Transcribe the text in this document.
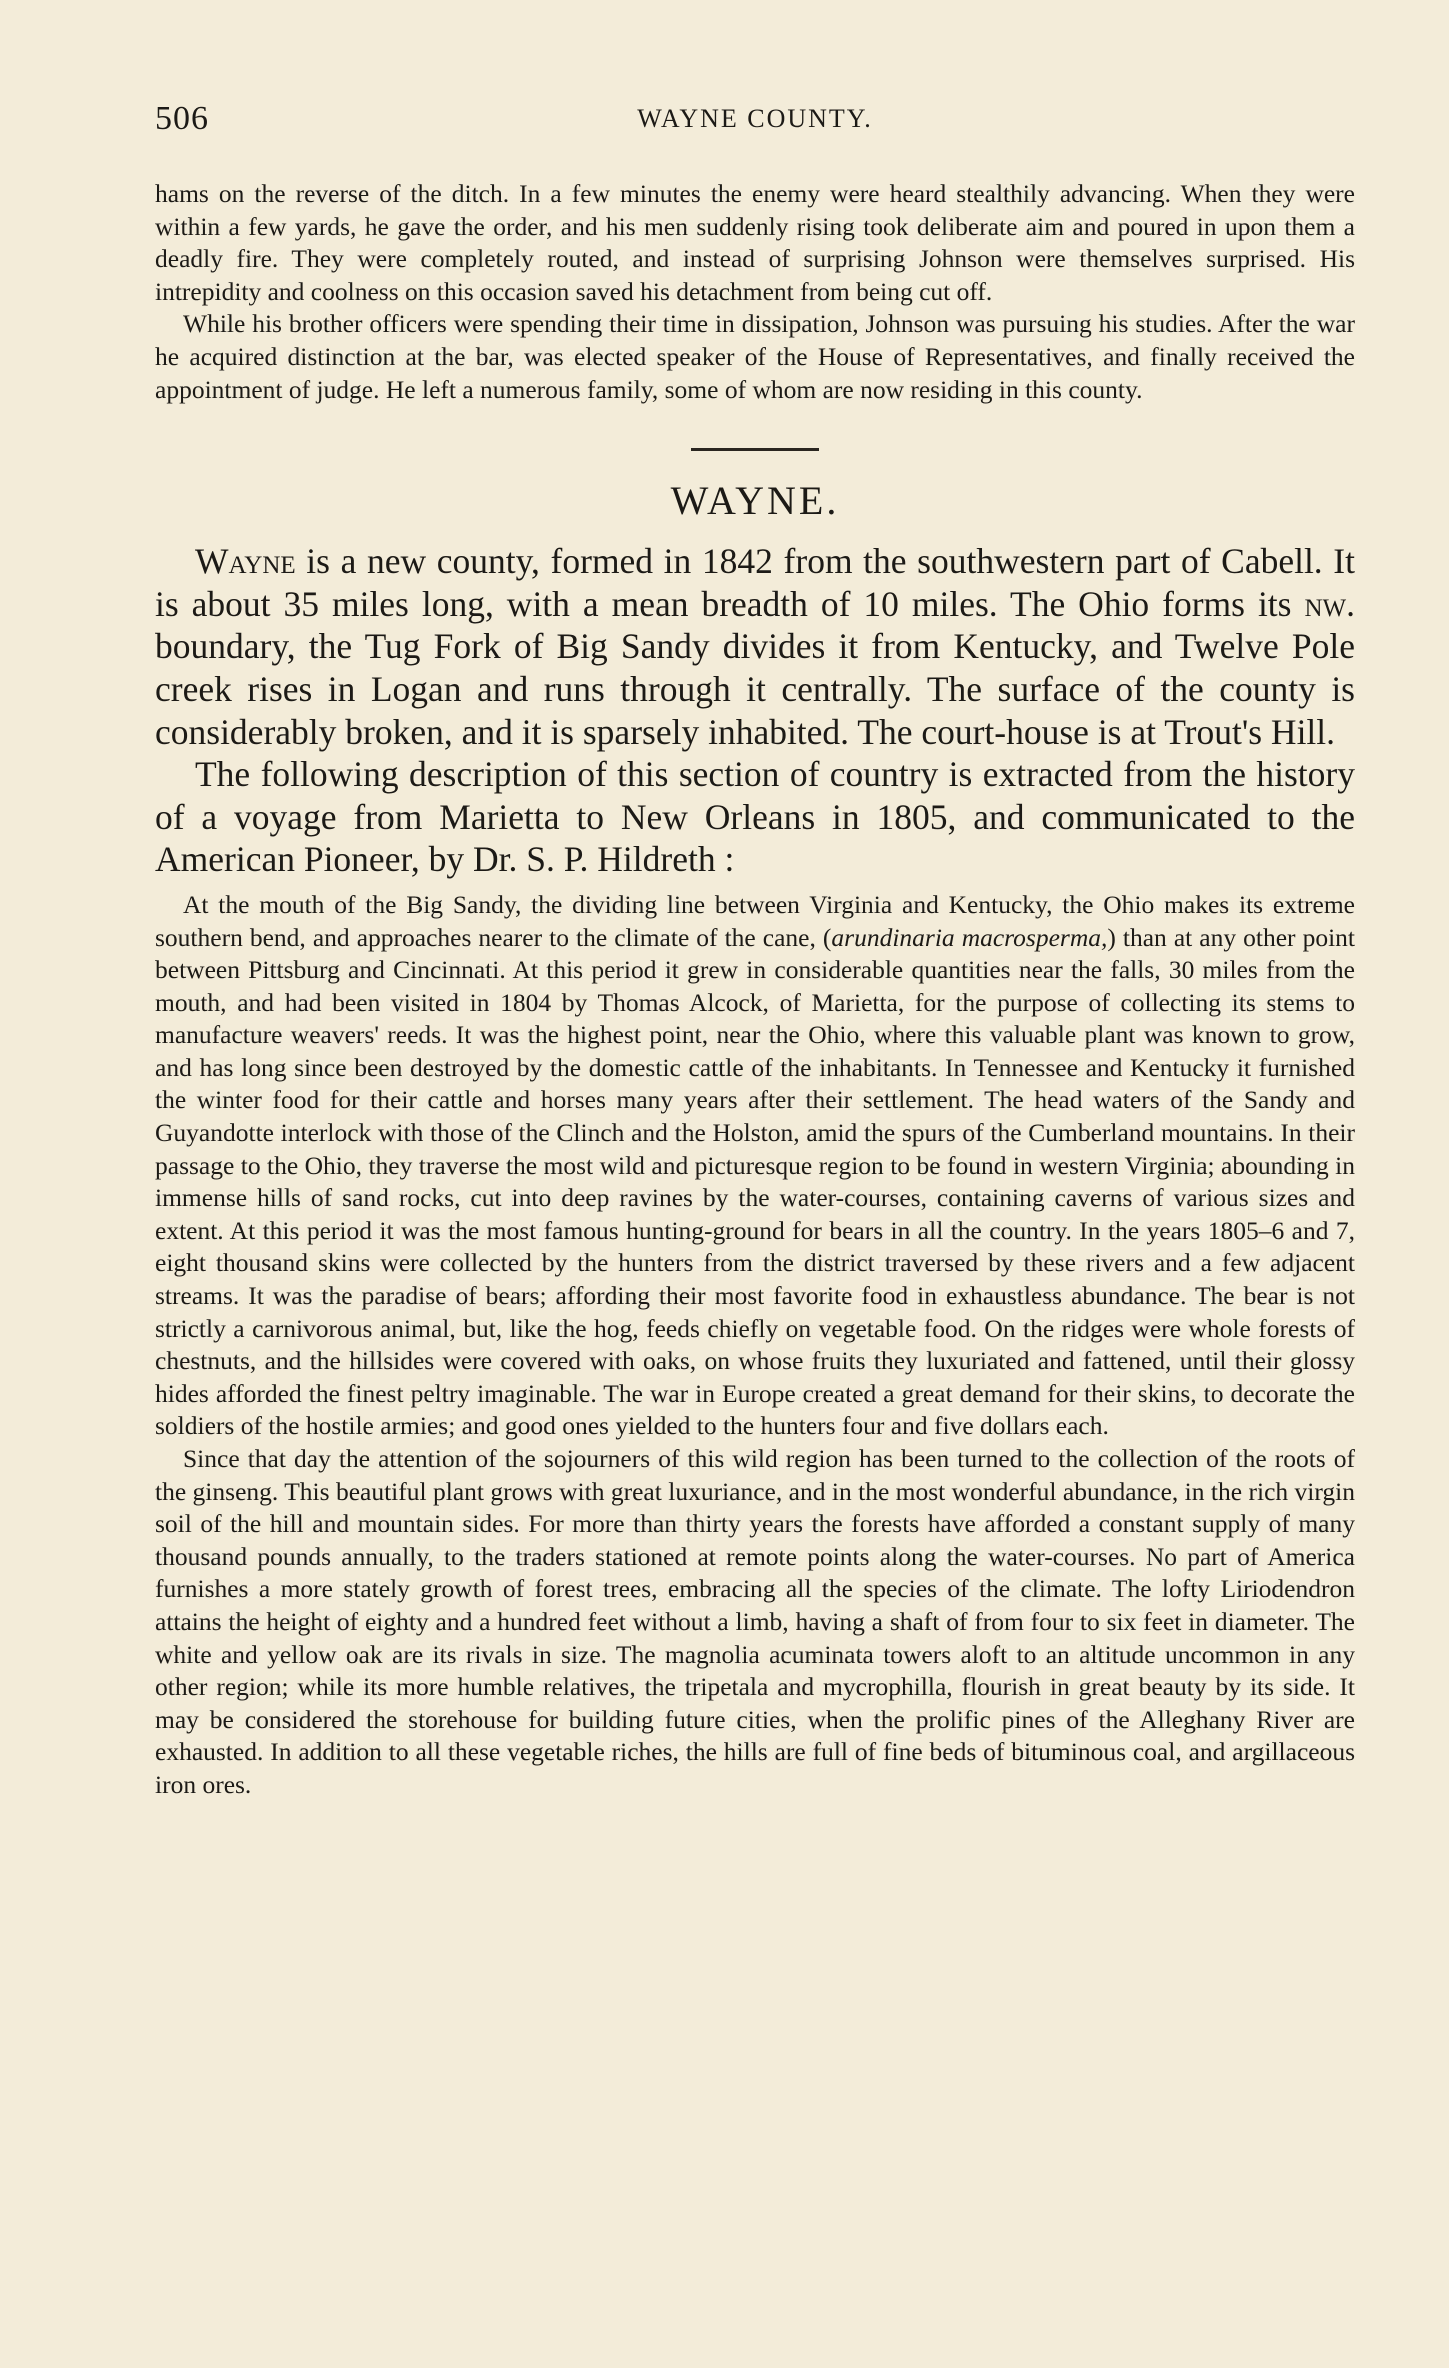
506	WAYNE COUNTY.

hams on the reverse of the ditch. In a few minutes the enemy were heard stealthily advancing. When they were within a few yards, he gave the order, and his men suddenly rising took deliberate aim and poured in upon them a deadly fire. They were completely routed, and instead of surprising Johnson were themselves surprised. His intrepidity and coolness on this occasion saved his detachment from being cut off.

While his brother officers were spending their time in dissipation, Johnson was pursuing his studies. After the war he acquired distinction at the bar, was elected speaker of the House of Representatives, and finally received the appointment of judge. He left a numerous family, some of whom are now residing in this county.

WAYNE.

Wayne is a new county, formed in 1842 from the southwestern part of Cabell. It is about 35 miles long, with a mean breadth of 10 miles. The Ohio forms its nw. boundary, the Tug Fork of Big Sandy divides it from Kentucky, and Twelve Pole creek rises in Logan and runs through it centrally. The surface of the county is considerably broken, and it is sparsely inhabited. The court-house is at Trout's Hill.

The following description of this section of country is extracted from the history of a voyage from Marietta to New Orleans in 1805, and communicated to the American Pioneer, by Dr. S. P. Hildreth :

At the mouth of the Big Sandy, the dividing line between Virginia and Kentucky, the Ohio makes its extreme southern bend, and approaches nearer to the climate of the cane, (arundinaria macrosperma,) than at any other point between Pittsburg and Cincinnati. At this period it grew in considerable quantities near the falls, 30 miles from the mouth, and had been visited in 1804 by Thomas Alcock, of Marietta, for the purpose of collecting its stems to manufacture weavers' reeds. It was the highest point, near the Ohio, where this valuable plant was known to grow, and has long since been destroyed by the domestic cattle of the inhabitants. In Tennessee and Kentucky it furnished the winter food for their cattle and horses many years after their settlement. The head waters of the Sandy and Guyandotte interlock with those of the Clinch and the Holston, amid the spurs of the Cumberland mountains. In their passage to the Ohio, they traverse the most wild and picturesque region to be found in western Virginia; abounding in immense hills of sand rocks, cut into deep ravines by the water-courses, containing caverns of various sizes and extent. At this period it was the most famous hunting-ground for bears in all the country. In the years 1805–6 and 7, eight thousand skins were collected by the hunters from the district traversed by these rivers and a few adjacent streams. It was the paradise of bears; affording their most favorite food in exhaustless abundance. The bear is not strictly a carnivorous animal, but, like the hog, feeds chiefly on vegetable food. On the ridges were whole forests of chestnuts, and the hillsides were covered with oaks, on whose fruits they luxuriated and fattened, until their glossy hides afforded the finest peltry imaginable. The war in Europe created a great demand for their skins, to decorate the soldiers of the hostile armies; and good ones yielded to the hunters four and five dollars each.

Since that day the attention of the sojourners of this wild region has been turned to the collection of the roots of the ginseng. This beautiful plant grows with great luxuriance, and in the most wonderful abundance, in the rich virgin soil of the hill and mountain sides. For more than thirty years the forests have afforded a constant supply of many thousand pounds annually, to the traders stationed at remote points along the water-courses. No part of America furnishes a more stately growth of forest trees, embracing all the species of the climate. The lofty Liriodendron attains the height of eighty and a hundred feet without a limb, having a shaft of from four to six feet in diameter. The white and yellow oak are its rivals in size. The magnolia acuminata towers aloft to an altitude uncommon in any other region; while its more humble relatives, the tripetala and mycrophilla, flourish in great beauty by its side. It may be considered the storehouse for building future cities, when the prolific pines of the Alleghany River are exhausted. In addition to all these vegetable riches, the hills are full of fine beds of bituminous coal, and argillaceous iron ores.
